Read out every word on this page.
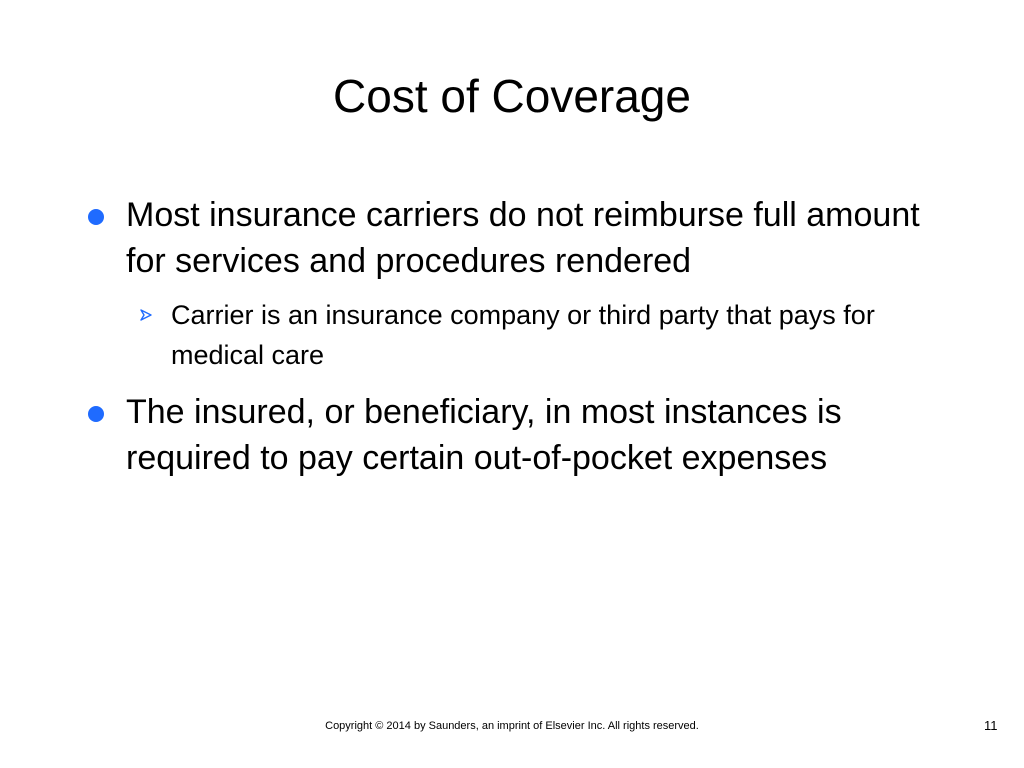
Cost of Coverage
Most insurance carriers do not reimburse full amount for services and procedures rendered
Carrier is an insurance company or third party that pays for medical care
The insured, or beneficiary, in most instances is required to pay certain out-of-pocket expenses
Copyright © 2014 by Saunders, an imprint of Elsevier Inc. All rights reserved.	11
